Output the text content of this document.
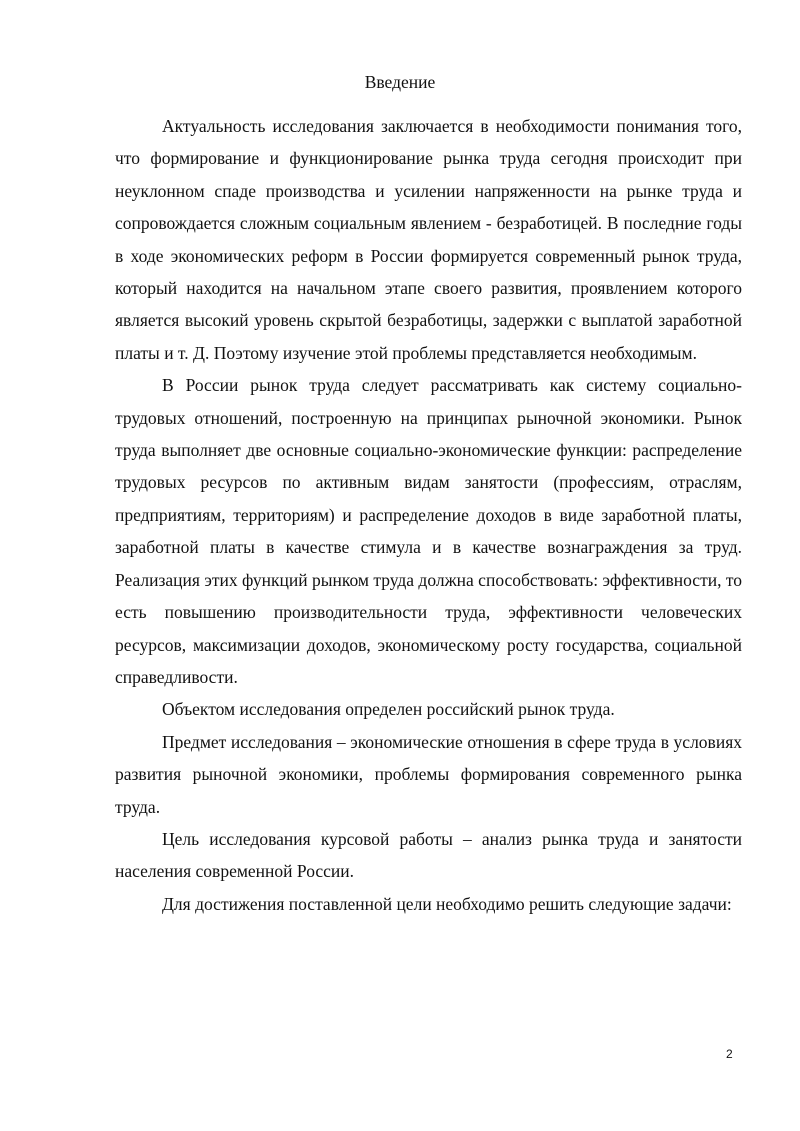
Введение

Актуальность исследования заключается в необходимости понимания того, что формирование и функционирование рынка труда сегодня происходит при неуклонном спаде производства и усилении напряженности на рынке труда и сопровождается сложным социальным явлением - безработицей. В последние годы в ходе экономических реформ в России формируется современный рынок труда, который находится на начальном этапе своего развития, проявлением которого является высокий уровень скрытой безработицы, задержки с выплатой заработной платы и т. Д. Поэтому изучение этой проблемы представляется необходимым.

В России рынок труда следует рассматривать как систему социально-трудовых отношений, построенную на принципах рыночной экономики. Рынок труда выполняет две основные социально-экономические функции: распределение трудовых ресурсов по активным видам занятости (профессиям, отраслям, предприятиям, территориям) и распределение доходов в виде заработной платы, заработной платы в качестве стимула и в качестве вознаграждения за труд. Реализация этих функций рынком труда должна способствовать: эффективности, то есть повышению производительности труда, эффективности человеческих ресурсов, максимизации доходов, экономическому росту государства, социальной справедливости.

Объектом исследования определен российский рынок труда.

Предмет исследования – экономические отношения в сфере труда в условиях развития рыночной экономики, проблемы формирования современного рынка труда.

Цель исследования курсовой работы – анализ рынка труда и занятости населения современной России.

Для достижения поставленной цели необходимо решить следующие задачи:

2
